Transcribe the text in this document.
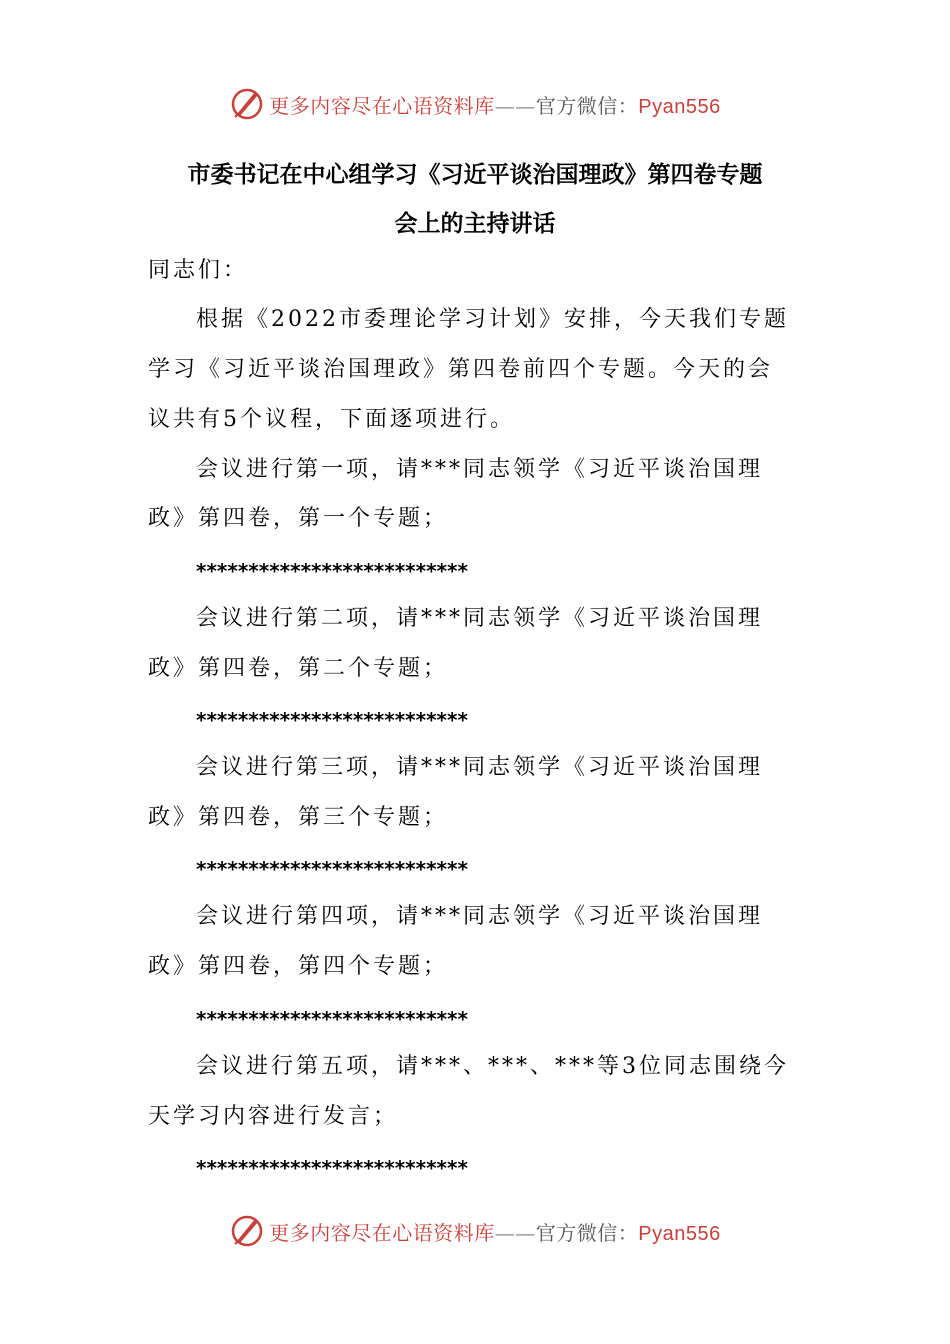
更多内容尽在心语资料库——官方微信：Pyan556
市委书记在中心组学习《习近平谈治国理政》第四卷专题
会上的主持讲话
同志们：
根据《2022市委理论学习计划》安排，今天我们专题
学习《习近平谈治国理政》第四卷前四个专题。今天的会
议共有5个议程，下面逐项进行。
会议进行第一项，请***同志领学《习近平谈治国理
政》第四卷，第一个专题；
**************************
会议进行第二项，请***同志领学《习近平谈治国理
政》第四卷，第二个专题；
**************************
会议进行第三项，请***同志领学《习近平谈治国理
政》第四卷，第三个专题；
**************************
会议进行第四项，请***同志领学《习近平谈治国理
政》第四卷，第四个专题；
**************************
会议进行第五项，请***、***、***等3位同志围绕今
天学习内容进行发言；
**************************
更多内容尽在心语资料库——官方微信：Pyan556
